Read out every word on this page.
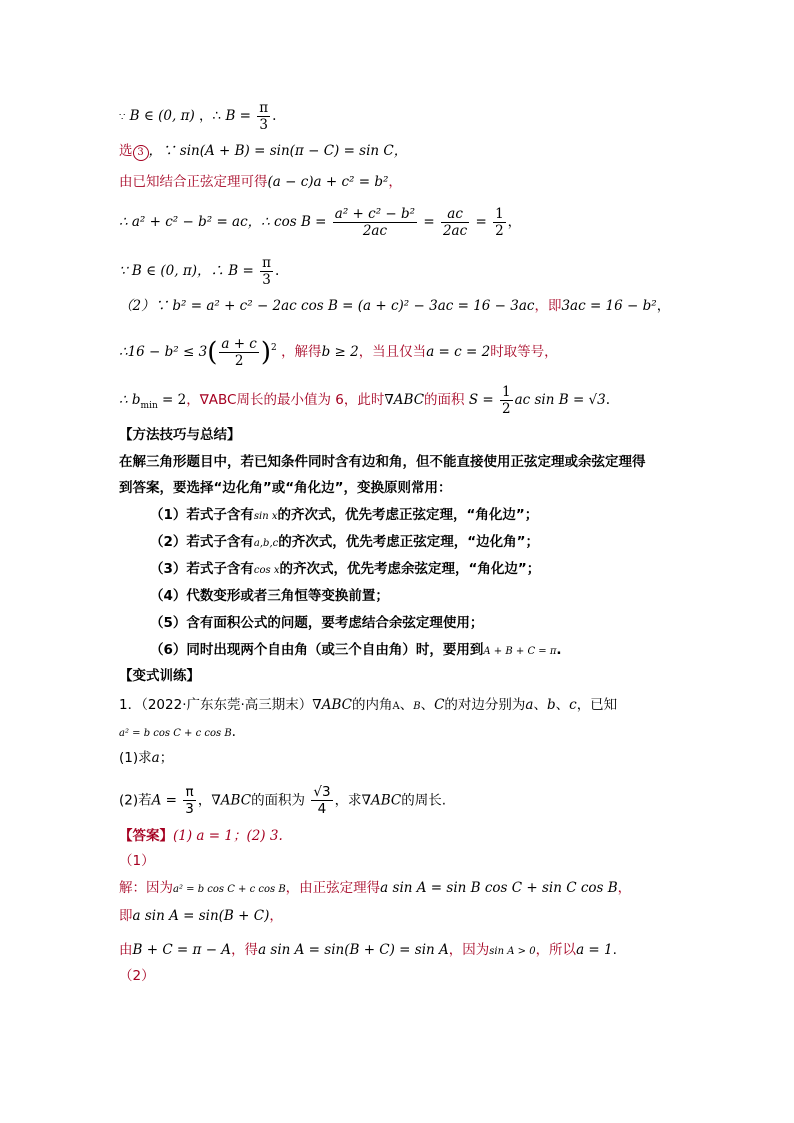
∵ B ∈ (0, π) ，∴ $B = \frac{\pi}{3}$ .
选 3 ，∵ sin(A + B) = sin(π − C) = sin C，
由已知结合正弦定理可得(a − c)a + c² = b²，
∴ a² + c² − b² = ac，∴ $\cos B = \frac{\text{a² + c² − b²}}{2ac} = \frac{ac}{2ac} = \frac{1}{2}$ ，
∵ B ∈ (0, π)，∴ $B = \frac{\pi}{3}$ .
（2）∵ b² = a² + c² − 2ac cos B = (a + c)² − 3ac = 16 − 3ac，即3ac = 16 − b²，
∴16 − $b^2 \le 3( \frac{a + c}{2} )^2$ ，解得b ≥ 2，当且仅当a = c = 2时取等号，
∴ $b_{min} = 2$，∇ABC周长的最小值为 6，此时∇ABC的面积 $S = \frac{1}{2}$ ac sin B = √3.
【方法技巧与总结】
在解三角形题目中，若已知条件同时含有边和角，但不能直接使用正弦定理或余弦定理得
到答案，要选择“边化角”或“角化边”，变换原则常用：
（1）若式子含有sin x的齐次式，优先考虑正弦定理，“角化边”；
（2）若式子含有a,b,c的齐次式，优先考虑正弦定理，“边化角”；
（3）若式子含有cos x的齐次式，优先考虑余弦定理，“角化边”；
（4）代数变形或者三角恒等变换前置；
（5）含有面积公式的问题，要考虑结合余弦定理使用；
（6）同时出现两个自由角（或三个自由角）时，要用到A + B + C = π.
【变式训练】
1．（2022·广东东莞·高三期末）∇ABC的内角A、B、C的对边分别为a、b、c，已知
a² = b cos C + c cos B.
(1)求a；
(2)若$A = \frac{\pi}{3}$ ，∇ABC的面积为 $\frac{√3}{4}$ ，求∇ABC的周长.
【答案】(1) a = 1；(2) 3.
（1）
解：因为a² = b cos C + c cos B，由正弦定理得a sin A = sin B cos C + sin C cos B，
即a sin A = sin(B + C)，
由B + C = π − A，得a sin A = sin(B + C) = sin A，因为sin A > 0，所以a = 1.
（2）
